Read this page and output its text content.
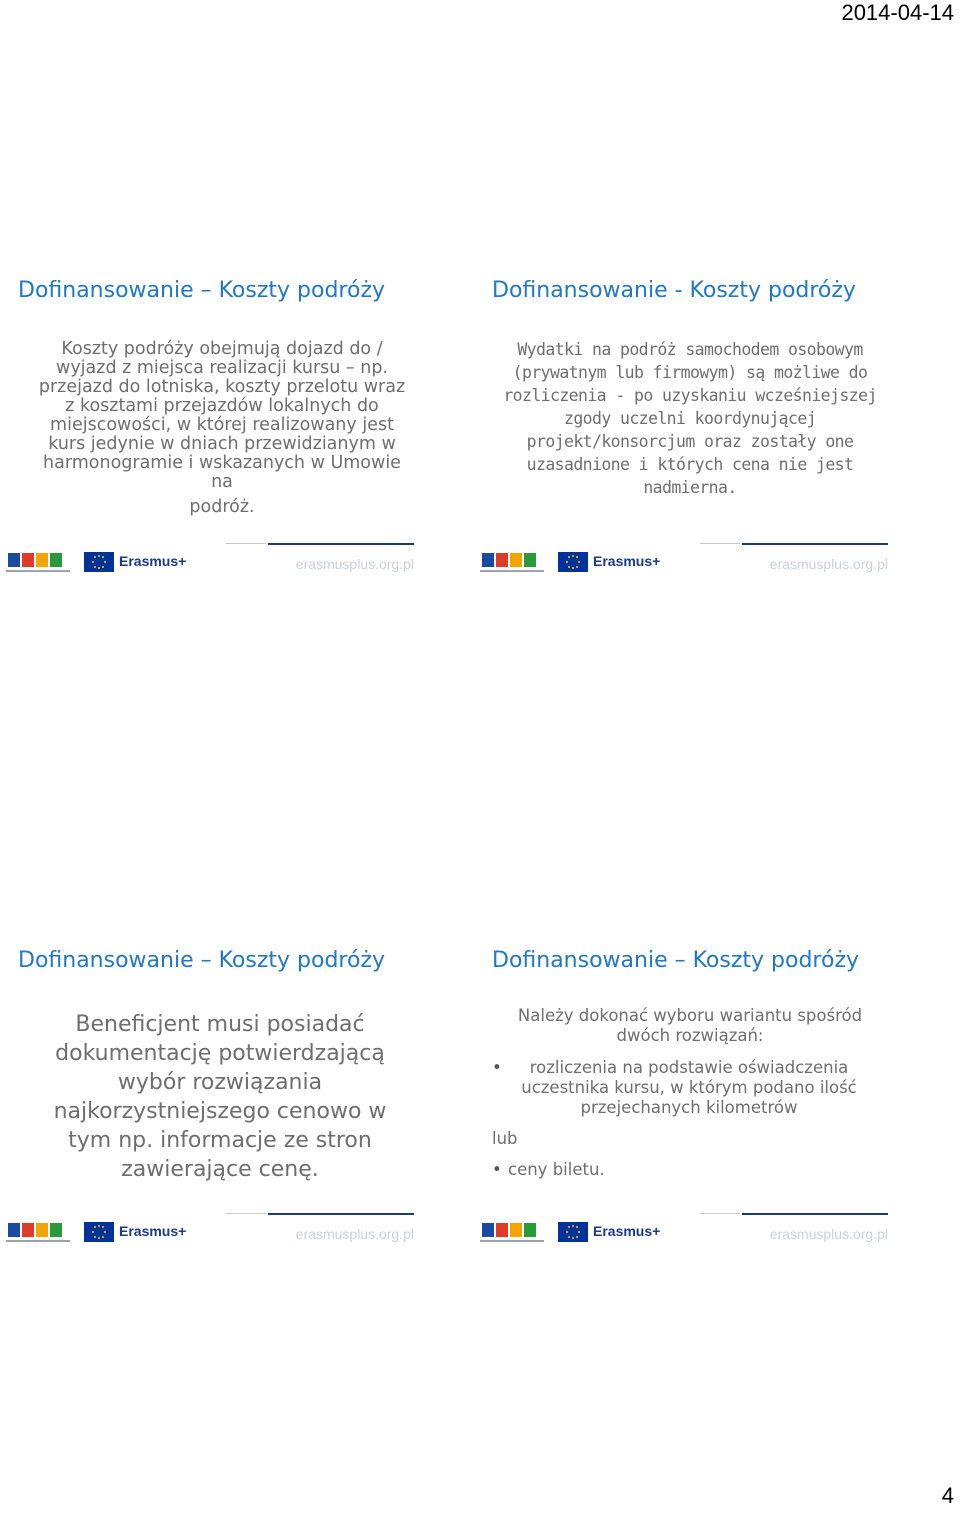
2014-04-14
Dofinansowanie – Koszty podróży
Koszty podróży obejmują dojazd do / wyjazd z miejsca realizacji kursu – np. przejazd do lotniska, koszty przelotu wraz z kosztami przejazdów lokalnych do miejscowości, w której realizowany jest kurs jedynie w dniach przewidzianym w harmonogramie i wskazanych w Umowie na
podróż.
Erasmus+	erasmusplus.org.pl
Dofinansowanie - Koszty podróży
Wydatki na podróż samochodem osobowym (prywatnym lub firmowym) są możliwe do rozliczenia - po uzyskaniu wcześniejszej zgody uczelni koordynującej projekt/konsorcjum oraz zostały one uzasadnione i których cena nie jest nadmierna.
Erasmus+	erasmusplus.org.pl
Dofinansowanie – Koszty podróży
Beneficjent musi posiadać dokumentację potwierdzającą wybór rozwiązania najkorzystniejszego cenowo w tym np. informacje ze stron zawierające cenę.
Erasmus+	erasmusplus.org.pl
Dofinansowanie – Koszty podróży
Należy dokonać wyboru wariantu spośród dwóch rozwiązań:
• rozliczenia na podstawie oświadczenia uczestnika kursu, w którym podano ilość przejechanych kilometrów
lub
• ceny biletu.
Erasmus+	erasmusplus.org.pl
4
